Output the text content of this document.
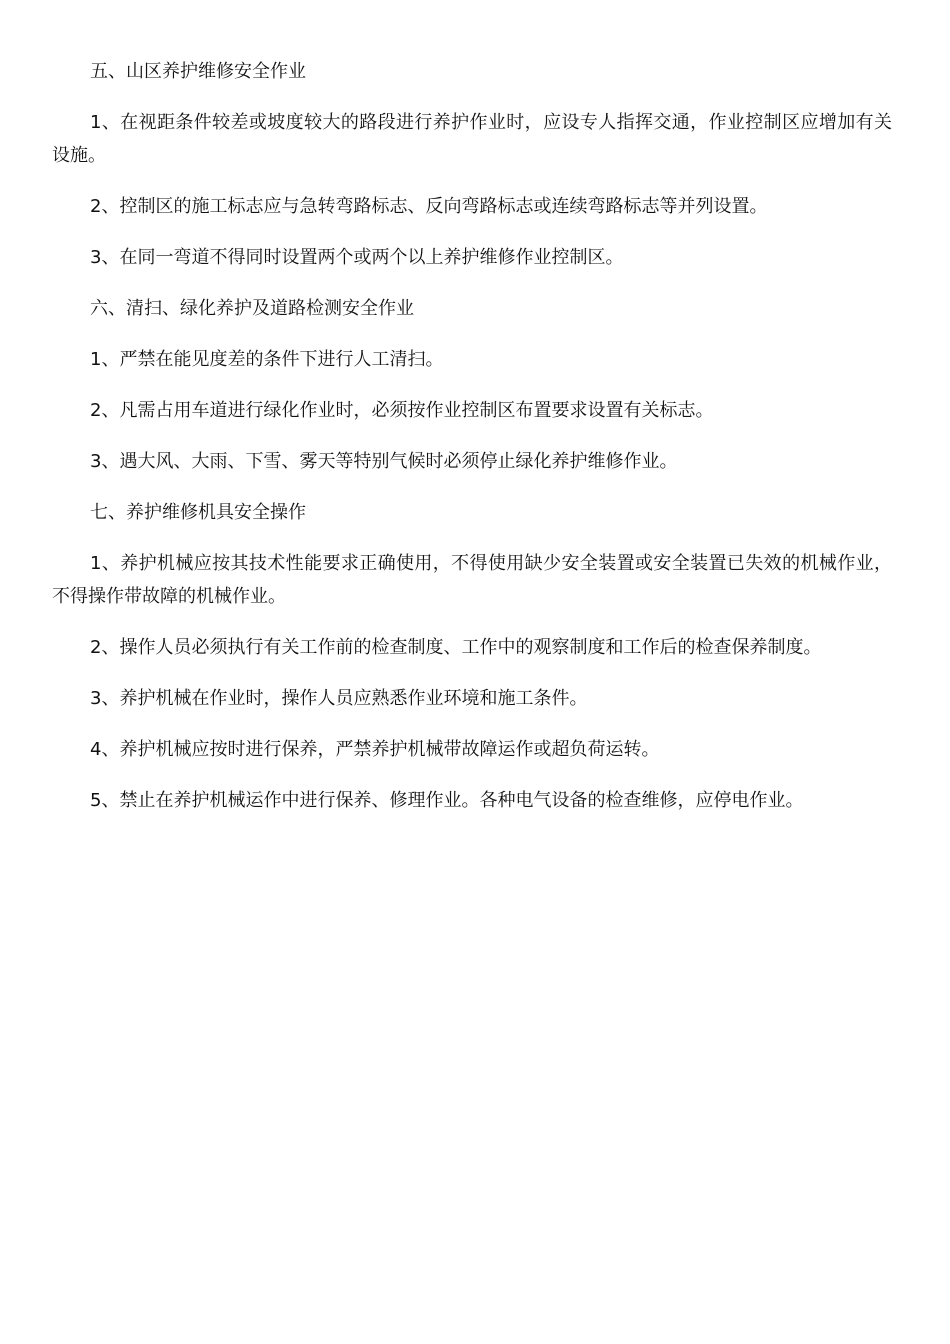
五、山区养护维修安全作业

1、在视距条件较差或坡度较大的路段进行养护作业时，应设专人指挥交通，作业控制区应增加有关设施。

2、控制区的施工标志应与急转弯路标志、反向弯路标志或连续弯路标志等并列设置。

3、在同一弯道不得同时设置两个或两个以上养护维修作业控制区。

六、清扫、绿化养护及道路检测安全作业

1、严禁在能见度差的条件下进行人工清扫。

2、凡需占用车道进行绿化作业时，必须按作业控制区布置要求设置有关标志。

3、遇大风、大雨、下雪、雾天等特别气候时必须停止绿化养护维修作业。

七、养护维修机具安全操作

1、养护机械应按其技术性能要求正确使用，不得使用缺少安全装置或安全装置已失效的机械作业，不得操作带故障的机械作业。

2、操作人员必须执行有关工作前的检查制度、工作中的观察制度和工作后的检查保养制度。

3、养护机械在作业时，操作人员应熟悉作业环境和施工条件。

4、养护机械应按时进行保养，严禁养护机械带故障运作或超负荷运转。

5、禁止在养护机械运作中进行保养、修理作业。各种电气设备的检查维修，应停电作业。
